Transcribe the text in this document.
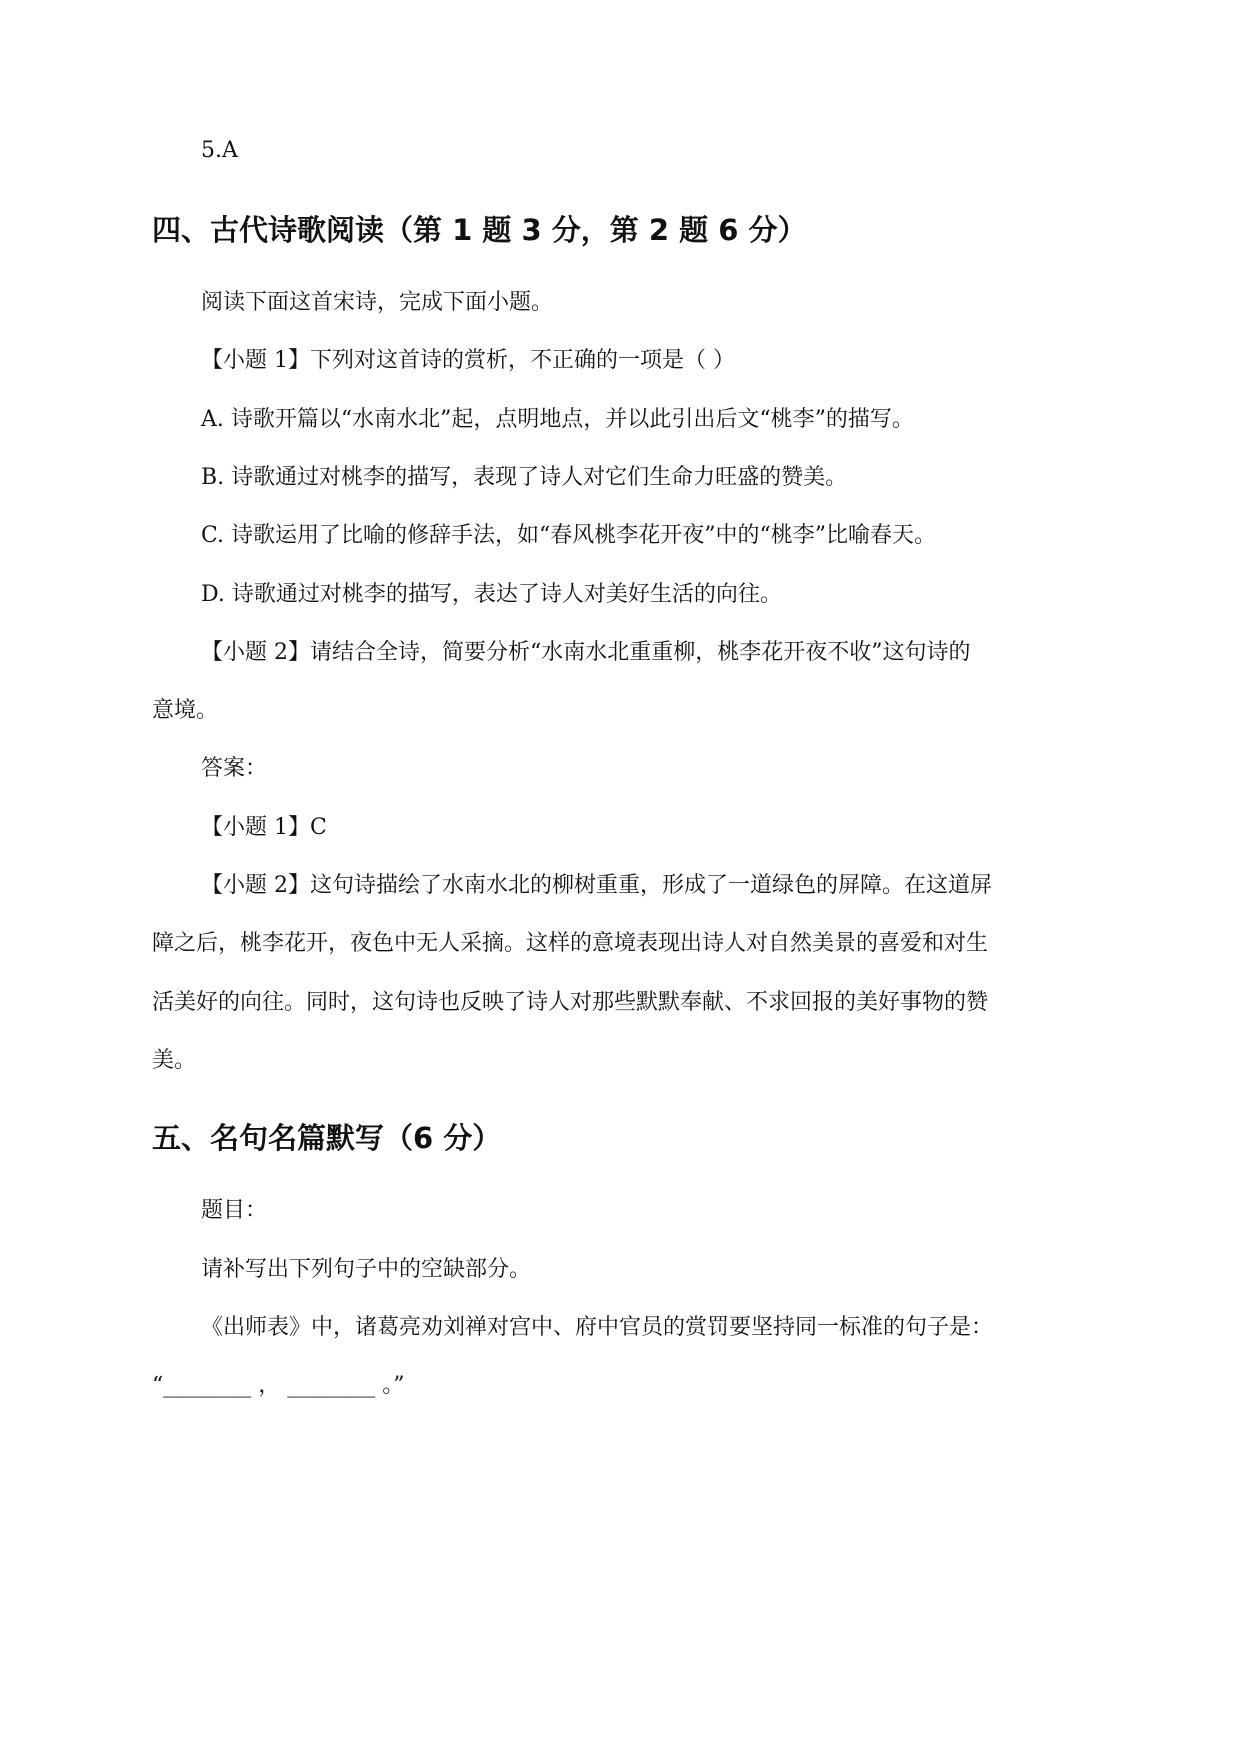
5.A
四、古代诗歌阅读（第 1 题 3 分，第 2 题 6 分）
阅读下面这首宋诗，完成下面小题。
【小题 1】下列对这首诗的赏析，不正确的一项是（ ）
A. 诗歌开篇以“水南水北”起，点明地点，并以此引出后文“桃李”的描写。
B. 诗歌通过对桃李的描写，表现了诗人对它们生命力旺盛的赞美。
C. 诗歌运用了比喻的修辞手法，如“春风桃李花开夜”中的“桃李”比喻春天。
D. 诗歌通过对桃李的描写，表达了诗人对美好生活的向往。
【小题 2】请结合全诗，简要分析“水南水北重重柳，桃李花开夜不收”这句诗的
意境。
答案：
【小题 1】C
【小题 2】这句诗描绘了水南水北的柳树重重，形成了一道绿色的屏障。在这道屏
障之后，桃李花开，夜色中无人采摘。这样的意境表现出诗人对自然美景的喜爱和对生
活美好的向往。同时，这句诗也反映了诗人对那些默默奉献、不求回报的美好事物的赞
美。
五、名句名篇默写（6 分）
题目：
请补写出下列句子中的空缺部分。
《出师表》中，诸葛亮劝刘禅对宫中、府中官员的赏罚要坚持同一标准的句子是：
“________ ， ________ 。”
